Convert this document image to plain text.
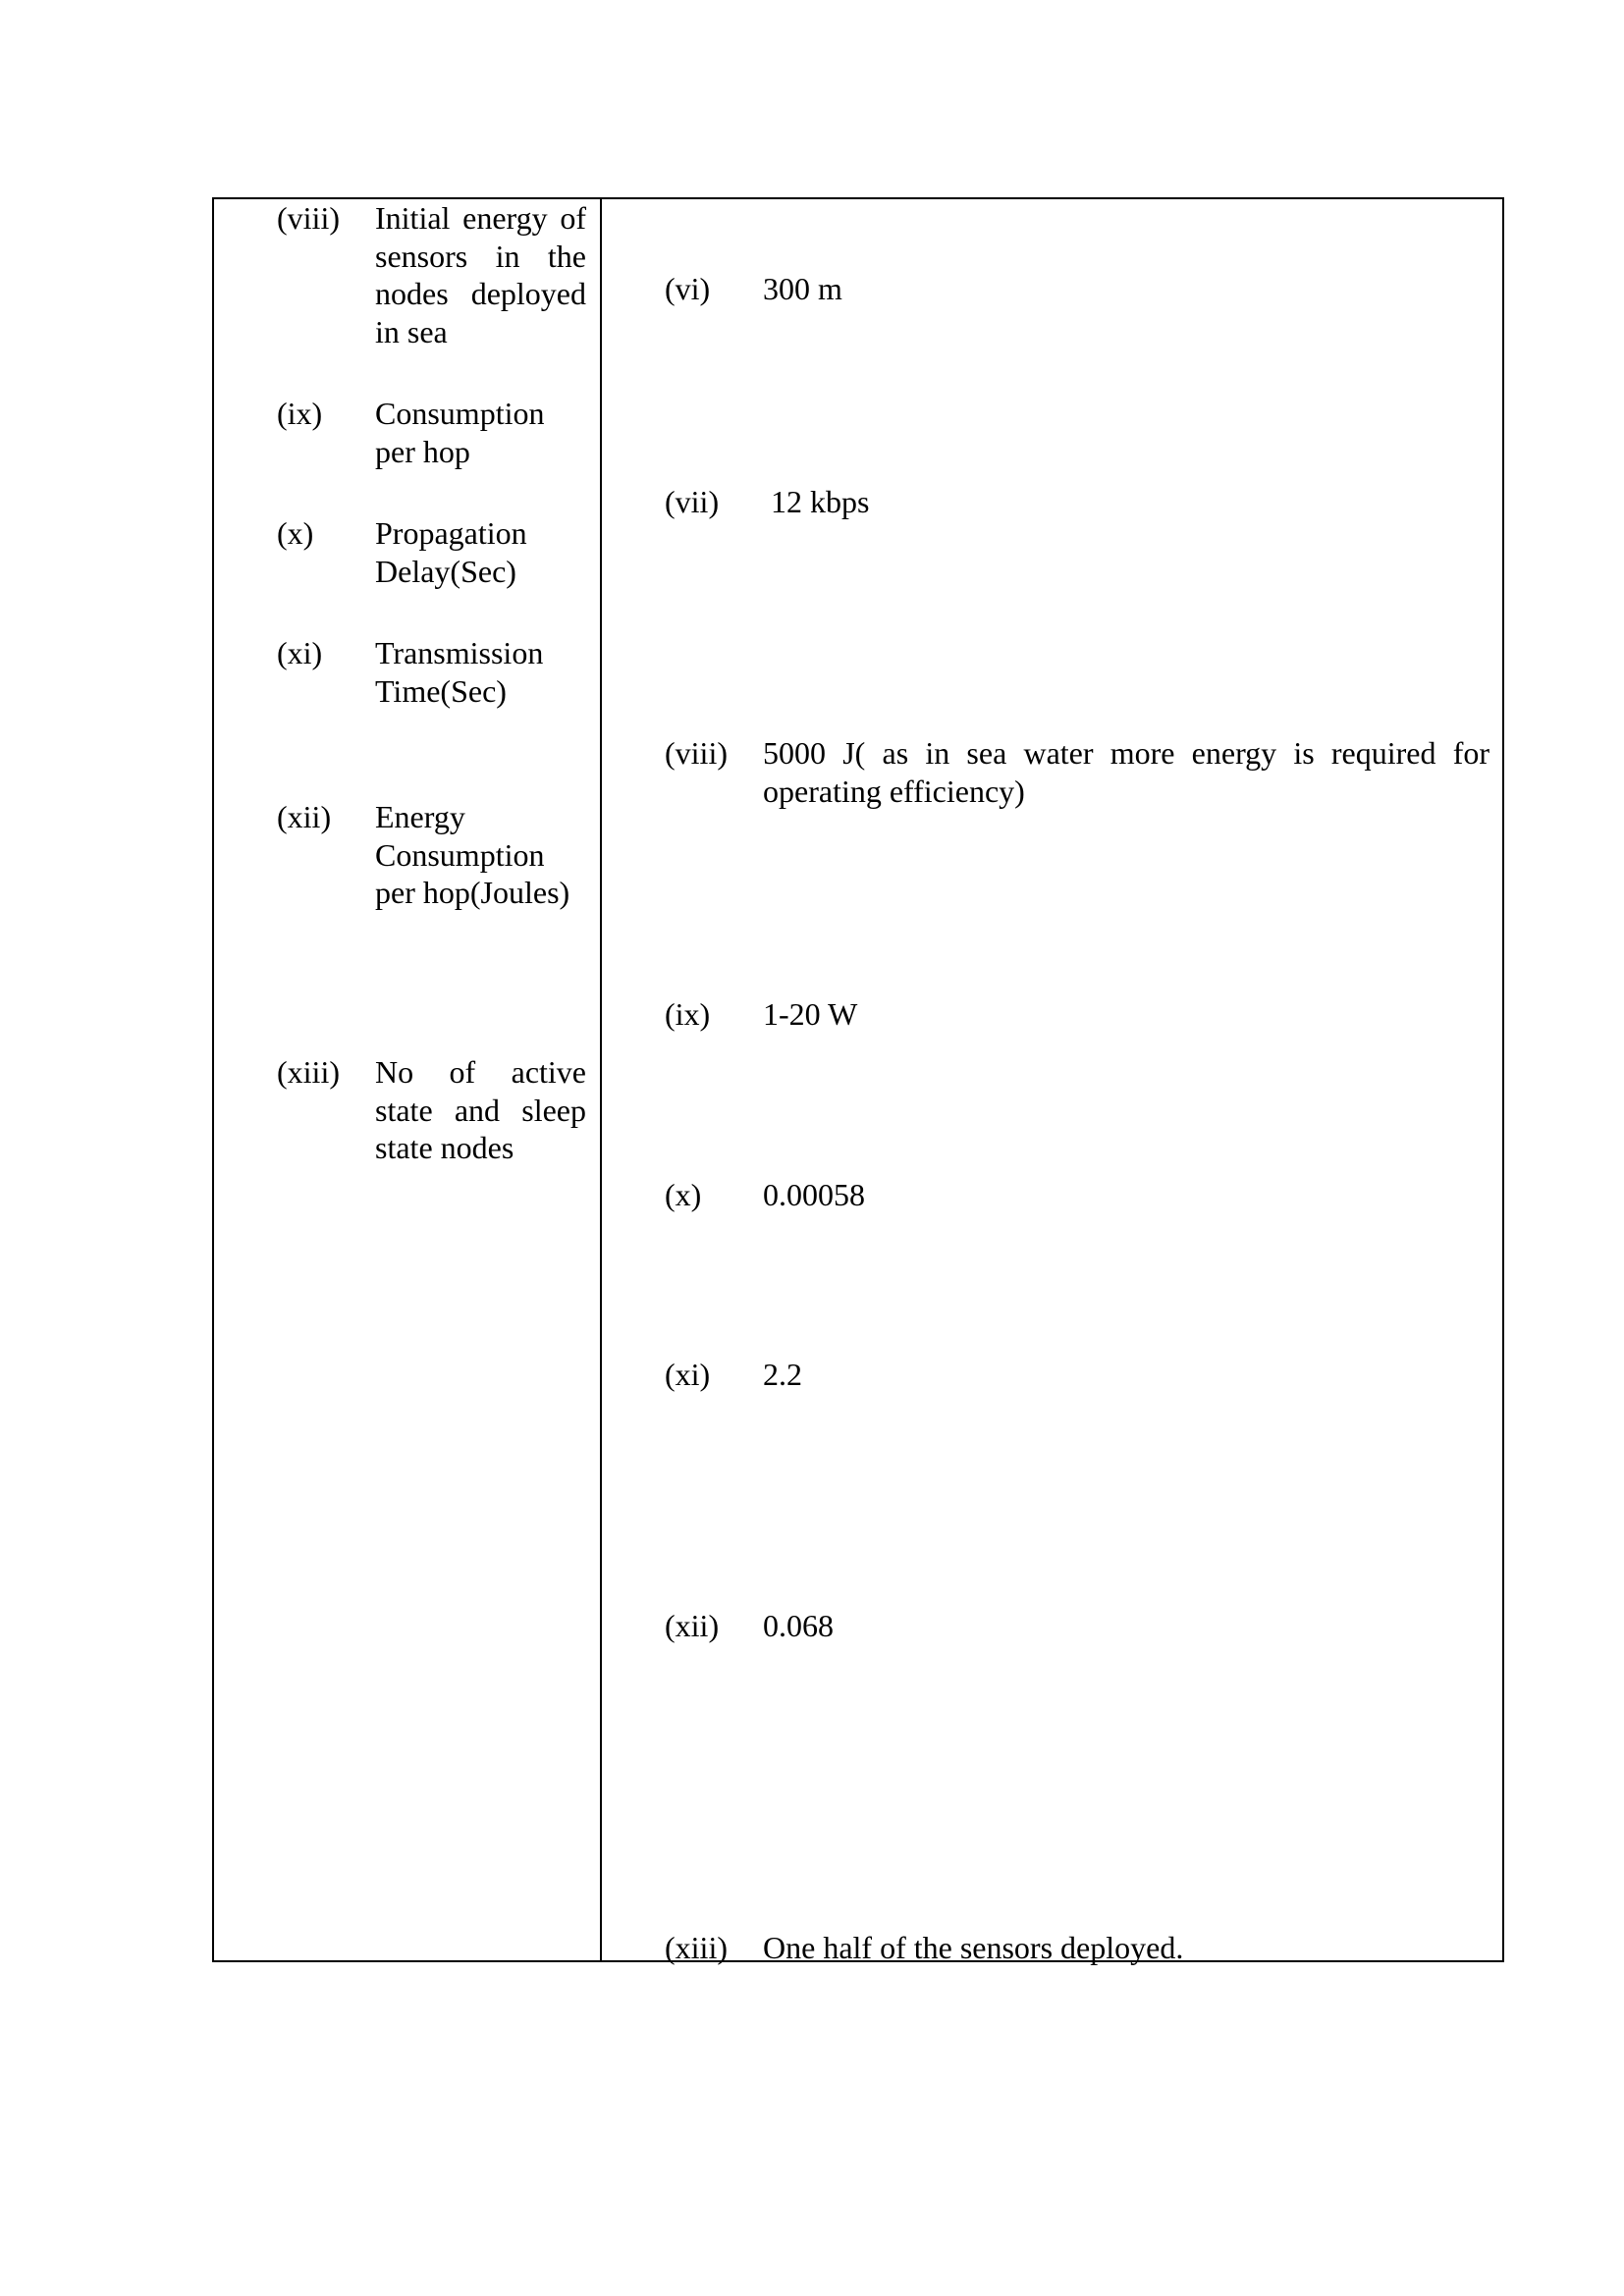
(viii) Initial energy of
sensors in the
nodes deployed
in sea
(ix) Consumption
per hop
(x) Propagation
Delay(Sec)
(xi) Transmission
Time(Sec)
(xii) Energy
Consumption
per hop(Joules)
(xiii) No of active
state and sleep
state nodes
(vi) 300 m
(vii) 12 kbps
(viii) 5000 J( as in sea water more energy is required for operating efficiency)
(ix) 1-20 W
(x) 0.00058
(xi) 2.2
(xii) 0.068
(xiii) One half of the sensors deployed.
